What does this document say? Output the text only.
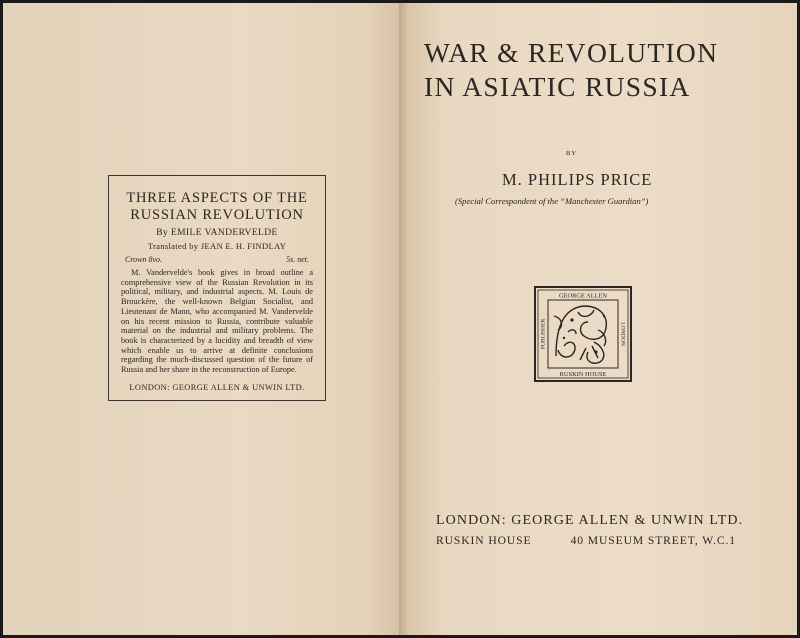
THREE ASPECTS OF THE
RUSSIAN REVOLUTION
By EMILE VANDERVELDE
Translated by JEAN E. H. FINDLAY
Crown 8vo.	5s. net.
M. Vandervelde's book gives in broad outline a comprehensive view of the Russian Revolution in its political, military, and industrial aspects. M. Louis de Brouckère, the well-known Belgian Socialist, and Lieutenant de Mann, who accompanied M. Vandervelde on his recent mission to Russia, contribute valuable material on the industrial and military problems. The book is characterized by a lucidity and breadth of view which enable us to arrive at definite conclusions regarding the much-discussed question of the future of Russia and her share in the reconstruction of Europe.
LONDON: GEORGE ALLEN & UNWIN LTD.
WAR & REVOLUTION
IN ASIATIC RUSSIA
BY
M. PHILIPS PRICE
(Special Correspondent of the “Manchester Guardian”)
GEORGE ALLEN
RUSKIN HOUSE
PUBLISHER	LONDON
LONDON: GEORGE ALLEN & UNWIN LTD.
RUSKIN HOUSE	40 MUSEUM STREET, W.C.1
